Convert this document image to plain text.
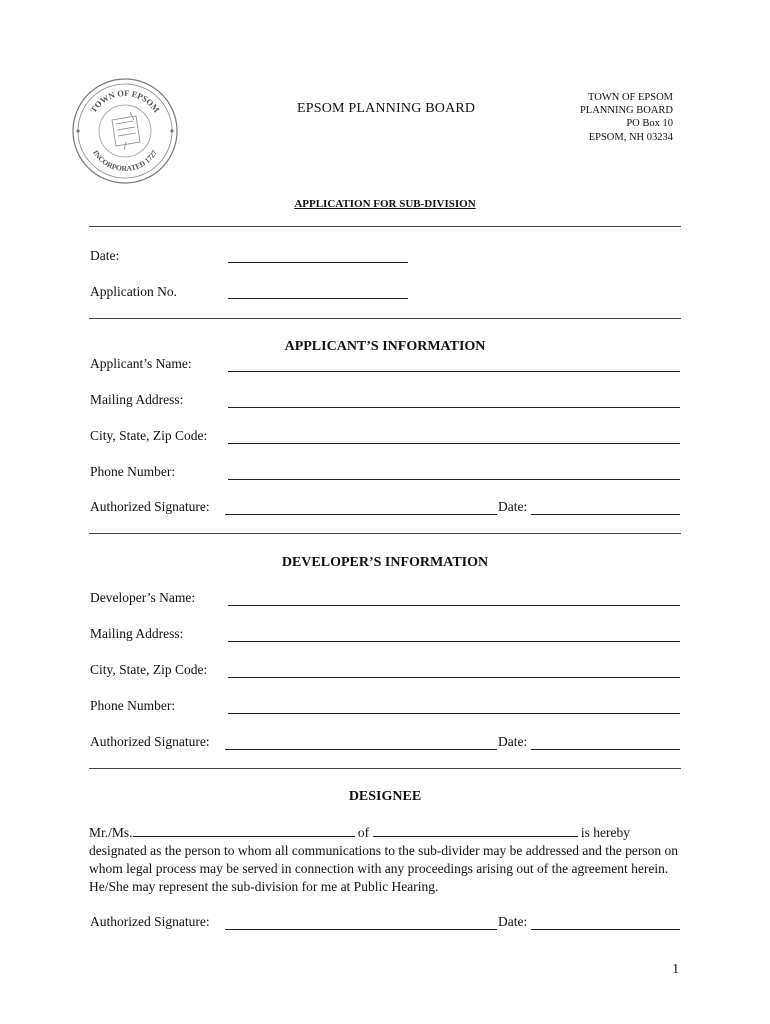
TOWN OF EPSOM
INCORPORATED 1727
EPSOM PLANNING BOARD
TOWN OF EPSOM
PLANNING BOARD
PO Box 10
EPSOM, NH 03234
APPLICATION FOR SUB-DIVISION
Date:
Application No.
APPLICANT’S INFORMATION
Applicant’s Name:
Mailing Address:
City, State, Zip Code:
Phone Number:
Authorized Signature:	Date:
DEVELOPER’S INFORMATION
Developer’s Name:
Mailing Address:
City, State, Zip Code:
Phone Number:
Authorized Signature:	Date:
DESIGNEE
Mr./Ms.	of	is hereby
designated as the person to whom all communications to the sub-divider may be addressed and the person on whom legal process may be served in connection with any proceedings arising out of the agreement herein. He/She may represent the sub-division for me at Public Hearing.
Authorized Signature:	Date:
1
